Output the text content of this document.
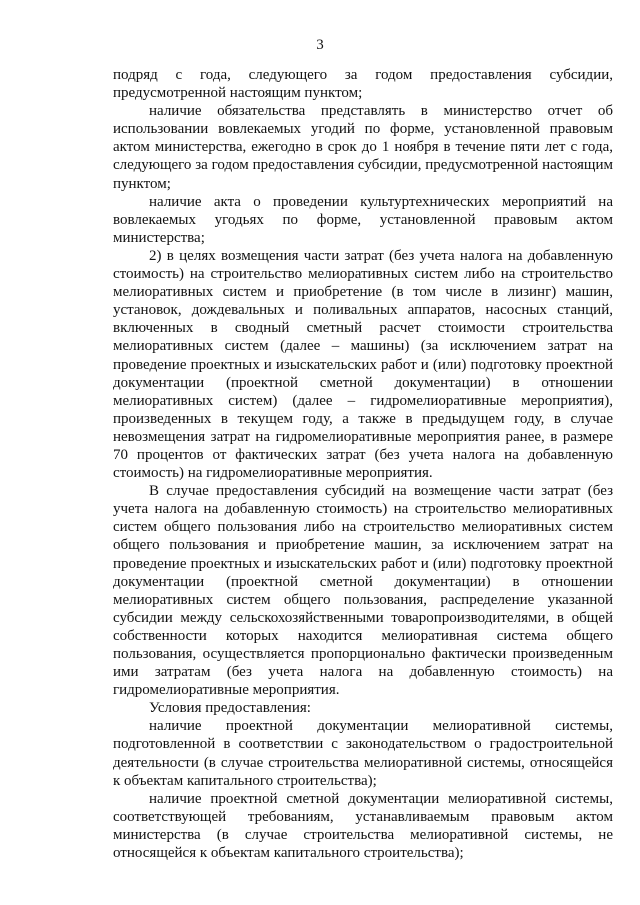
3

подряд с года, следующего за годом предоставления субсидии, предусмотренной настоящим пунктом;

наличие обязательства представлять в министерство отчет об использовании вовлекаемых угодий по форме, установленной правовым актом министерства, ежегодно в срок до 1 ноября в течение пяти лет с года, следующего за годом предоставления субсидии, предусмотренной настоящим пунктом;

наличие акта о проведении культуртехнических мероприятий на вовлекаемых угодьях по форме, установленной правовым актом министерства;

2) в целях возмещения части затрат (без учета налога на добавленную стоимость) на строительство мелиоративных систем либо на строительство мелиоративных систем и приобретение (в том числе в лизинг) машин, установок, дождевальных и поливальных аппаратов, насосных станций, включенных в сводный сметный расчет стоимости строительства мелиоративных систем (далее – машины) (за исключением затрат на проведение проектных и изыскательских работ и (или) подготовку проектной документации (проектной сметной документации) в отношении мелиоративных систем) (далее – гидромелиоративные мероприятия), произведенных в текущем году, а также в предыдущем году, в случае невозмещения затрат на гидромелиоративные мероприятия ранее, в размере 70 процентов от фактических затрат (без учета налога на добавленную стоимость) на гидромелиоративные мероприятия.

В случае предоставления субсидий на возмещение части затрат (без учета налога на добавленную стоимость) на строительство мелиоративных систем общего пользования либо на строительство мелиоративных систем общего пользования и приобретение машин, за исключением затрат на проведение проектных и изыскательских работ и (или) подготовку проектной документации (проектной сметной документации) в отношении мелиоративных систем общего пользования, распределение указанной субсидии между сельскохозяйственными товаропроизводителями, в общей собственности которых находится мелиоративная система общего пользования, осуществляется пропорционально фактически произведенным ими затратам (без учета налога на добавленную стоимость) на гидромелиоративные мероприятия.

Условия предоставления:

наличие проектной документации мелиоративной системы, подготовленной в соответствии с законодательством о градостроительной деятельности (в случае строительства мелиоративной системы, относящейся к объектам капитального строительства);

наличие проектной сметной документации мелиоративной системы, соответствующей требованиям, устанавливаемым правовым актом министерства (в случае строительства мелиоративной системы, не относящейся к объектам капитального строительства);
